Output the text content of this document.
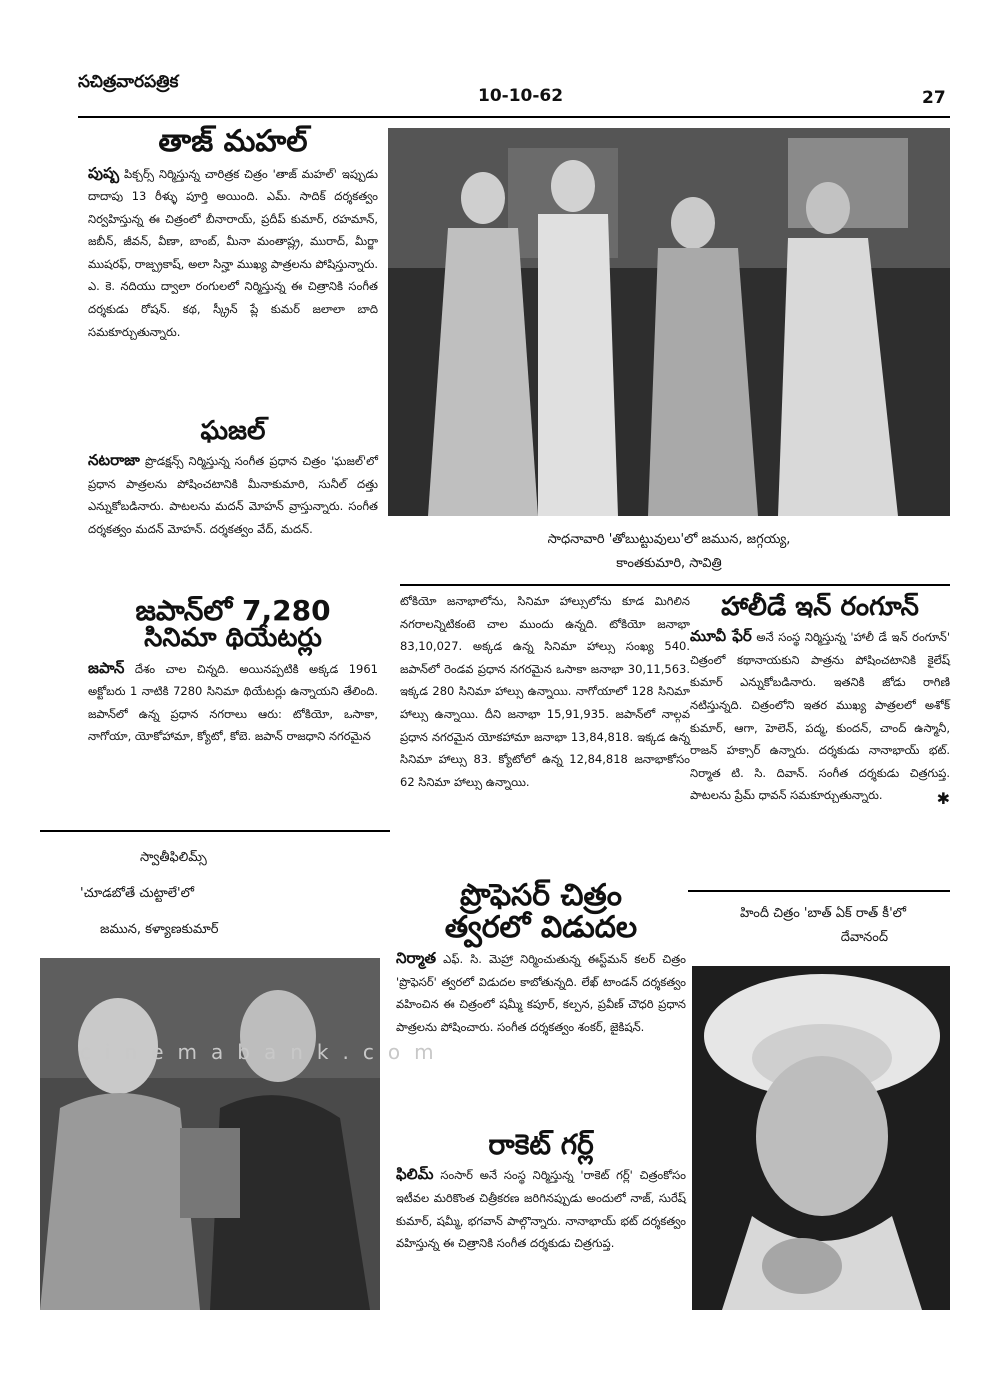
సచిత్రవారపత్రిక
10-10-62	27
తాజ్ మహల్

పుష్ప పిక్చర్స్ నిర్మిస్తున్న చారిత్రక చిత్రం 'తాజ్ మహల్' ఇప్పుడు దాదాపు 13 రీళ్ళు పూర్తి అయింది. ఎమ్. సాదిక్ దర్శకత్వం నిర్వహిస్తున్న ఈ చిత్రంలో బీనారాయ్, ప్రదీప్ కుమార్, రహమాన్, జబీన్, జీవన్, వీణా, బాంబ్, మీనా మంతాష్ల్ర, మురాద్, మీర్జా ముషరఫ్, రాజ్ప్రకాష్, అలా సిన్హా ముఖ్య పాత్రలను పోషిస్తున్నారు. ఎ. కె. నదియు ద్వాలా రంగులలో నిర్మిస్తున్న ఈ చిత్రానికి సంగీత దర్శకుడు రోషన్. కథ, స్క్రీన్ ప్లే కుమర్ జలాలా బాది సమకూర్చుతున్నారు.

ఘజల్

నటరాజా ప్రొడక్షన్స్ నిర్మిస్తున్న సంగీత ప్రధాన చిత్రం 'ఘజల్'లో ప్రధాన పాత్రలను పోషించటానికి మీనాకుమారి, సునీల్ దత్తు ఎన్నుకోబడినారు. పాటలను మదన్ మోహన్ వ్రాస్తున్నారు. సంగీత దర్శకత్వం మదన్ మోహన్. దర్శకత్వం వేద్, మదన్.

జపాన్‌లో 7,280
సినిమా థియేటర్లు

జపాన్ దేశం చాల చిన్నది. అయినప్పటికి అక్కడ 1961 అక్టోబరు 1 నాటికి 7280 సినిమా థియేటర్లు ఉన్నాయని తేలింది. జపాన్‌లో ఉన్న ప్రధాన నగరాలు ఆరు: టోకియో, ఒసాకా, నాగోయా, యోకోహామా, క్యోటో, కోబె. జపాన్ రాజధాని నగరమైన

స్వాతీఫిలిమ్స్
'చూడబోతే చుట్టాలే'లో
జమున, కళ్యాణకుమార్
సాధనావారి 'తోబుట్టువులు'లో జమున, జగ్గయ్య,
కాంతకుమారి, సావిత్రి

టోకియో జనాభాలోను, సినిమా హాల్సులోను కూడ మిగిలిన నగరాలన్నిటికంటె చాల ముందు ఉన్నది. టోకియో జనాభా 83,10,027. అక్కడ ఉన్న సినిమా హాల్సు సంఖ్య 540. జపాన్‌లో రెండవ ప్రధాన నగరమైన ఒసాకా జనాభా 30,11,563. ఇక్కడ 280 సినిమా హాల్సు ఉన్నాయి. నాగోయాలో 128 సినిమా హాల్సు ఉన్నాయి. దీని జనాభా 15,91,935. జపాన్‌లో నాల్గవ ప్రధాన నగరమైన యోకహామా జనాభా 13,84,818. ఇక్కడ ఉన్న సినిమా హాల్సు 83. క్యోటోలో ఉన్న 12,84,818 జనాభాకోసం 62 సినిమా హాల్సు ఉన్నాయి.

ప్రొఫెసర్ చిత్రం
త్వరలో విడుదల

నిర్మాత ఎఫ్. సి. మెహ్రా నిర్మించుతున్న ఈస్ట్‌మన్ కలర్ చిత్రం 'ప్రొఫెసర్' త్వరలో విడుదల కాబోతున్నది. లేఖ్ టాండన్ దర్శకత్వం వహించిన ఈ చిత్రంలో షమ్మీ కపూర్, కల్పన, ప్రవీణ్ చౌధరి ప్రధాన పాత్రలను పోషించారు. సంగీత దర్శకత్వం శంకర్, జైకిషన్.

రాకెట్ గర్ల్

ఫిలిమ్ సంసార్ అనే సంస్థ నిర్మిస్తున్న 'రాకెట్ గర్ల్' చిత్రంకోసం ఇటీవల మరికొంత చిత్రీకరణ జరిగినప్పుడు అందులో నాజ్, సురేష్ కుమార్, షమ్మీ, భగవాన్ పాల్గొన్నారు. నానాభాయ్ భట్ దర్శకత్వం వహిస్తున్న ఈ చిత్రానికి సంగీత దర్శకుడు చిత్రగుప్త.

హాలీడే ఇన్ రంగూన్

మూవీ ఫేర్ అనే సంస్థ నిర్మిస్తున్న 'హాలీ డే ఇన్ రంగూన్' చిత్రంలో కథానాయకుని పాత్రను పోషించటానికి కైలేష్ కుమార్ ఎన్నుకోబడినారు. ఇతనికి జోడు రాగిణి నటిస్తున్నది. చిత్రంలోని ఇతర ముఖ్య పాత్రలలో అశోక్ కుమార్, ఆగా, హెలెన్, పద్మ, కుందన్, చాంద్ ఉస్మానీ, రాజన్ హక్సార్ ఉన్నారు. దర్శకుడు నానాభాయ్ భట్. నిర్మాత టి. సి. దివాన్. సంగీత దర్శకుడు చిత్రగుప్త. పాటలను ప్రేమ్ ధావన్ సమకూర్చుతున్నారు.	✱
హిందీ చిత్రం 'బాత్ ఏక్ రాత్ కీ'లో
దేవానంద్
cinemabank.com
